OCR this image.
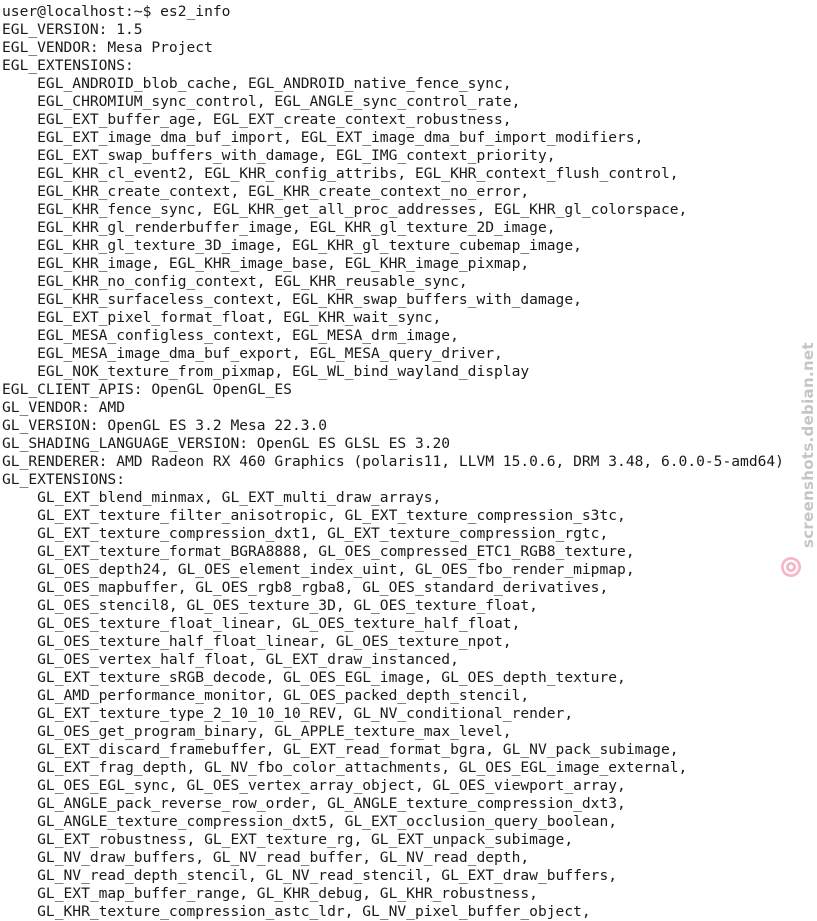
user@localhost:~$ es2_info
EGL_VERSION: 1.5
EGL_VENDOR: Mesa Project
EGL_EXTENSIONS:
EGL_ANDROID_blob_cache, EGL_ANDROID_native_fence_sync,
EGL_CHROMIUM_sync_control, EGL_ANGLE_sync_control_rate,
EGL_EXT_buffer_age, EGL_EXT_create_context_robustness,
EGL_EXT_image_dma_buf_import, EGL_EXT_image_dma_buf_import_modifiers,
EGL_EXT_swap_buffers_with_damage, EGL_IMG_context_priority,
EGL_KHR_cl_event2, EGL_KHR_config_attribs, EGL_KHR_context_flush_control,
EGL_KHR_create_context, EGL_KHR_create_context_no_error,
EGL_KHR_fence_sync, EGL_KHR_get_all_proc_addresses, EGL_KHR_gl_colorspace,
EGL_KHR_gl_renderbuffer_image, EGL_KHR_gl_texture_2D_image,
EGL_KHR_gl_texture_3D_image, EGL_KHR_gl_texture_cubemap_image,
EGL_KHR_image, EGL_KHR_image_base, EGL_KHR_image_pixmap,
EGL_KHR_no_config_context, EGL_KHR_reusable_sync,
EGL_KHR_surfaceless_context, EGL_KHR_swap_buffers_with_damage,
EGL_EXT_pixel_format_float, EGL_KHR_wait_sync,
EGL_MESA_configless_context, EGL_MESA_drm_image,
EGL_MESA_image_dma_buf_export, EGL_MESA_query_driver,
EGL_NOK_texture_from_pixmap, EGL_WL_bind_wayland_display
EGL_CLIENT_APIS: OpenGL OpenGL_ES
GL_VENDOR: AMD
GL_VERSION: OpenGL ES 3.2 Mesa 22.3.0
GL_SHADING_LANGUAGE_VERSION: OpenGL ES GLSL ES 3.20
GL_RENDERER: AMD Radeon RX 460 Graphics (polaris11, LLVM 15.0.6, DRM 3.48, 6.0.0-5-amd64)
GL_EXTENSIONS:
GL_EXT_blend_minmax, GL_EXT_multi_draw_arrays,
GL_EXT_texture_filter_anisotropic, GL_EXT_texture_compression_s3tc,
GL_EXT_texture_compression_dxt1, GL_EXT_texture_compression_rgtc,
GL_EXT_texture_format_BGRA8888, GL_OES_compressed_ETC1_RGB8_texture,
GL_OES_depth24, GL_OES_element_index_uint, GL_OES_fbo_render_mipmap,
GL_OES_mapbuffer, GL_OES_rgb8_rgba8, GL_OES_standard_derivatives,
GL_OES_stencil8, GL_OES_texture_3D, GL_OES_texture_float,
GL_OES_texture_float_linear, GL_OES_texture_half_float,
GL_OES_texture_half_float_linear, GL_OES_texture_npot,
GL_OES_vertex_half_float, GL_EXT_draw_instanced,
GL_EXT_texture_sRGB_decode, GL_OES_EGL_image, GL_OES_depth_texture,
GL_AMD_performance_monitor, GL_OES_packed_depth_stencil,
GL_EXT_texture_type_2_10_10_10_REV, GL_NV_conditional_render,
GL_OES_get_program_binary, GL_APPLE_texture_max_level,
GL_EXT_discard_framebuffer, GL_EXT_read_format_bgra, GL_NV_pack_subimage,
GL_EXT_frag_depth, GL_NV_fbo_color_attachments, GL_OES_EGL_image_external,
GL_OES_EGL_sync, GL_OES_vertex_array_object, GL_OES_viewport_array,
GL_ANGLE_pack_reverse_row_order, GL_ANGLE_texture_compression_dxt3,
GL_ANGLE_texture_compression_dxt5, GL_EXT_occlusion_query_boolean,
GL_EXT_robustness, GL_EXT_texture_rg, GL_EXT_unpack_subimage,
GL_NV_draw_buffers, GL_NV_read_buffer, GL_NV_read_depth,
GL_NV_read_depth_stencil, GL_NV_read_stencil, GL_EXT_draw_buffers,
GL_EXT_map_buffer_range, GL_KHR_debug, GL_KHR_robustness,
GL_KHR_texture_compression_astc_ldr, GL_NV_pixel_buffer_object,
screenshots.debian.net
